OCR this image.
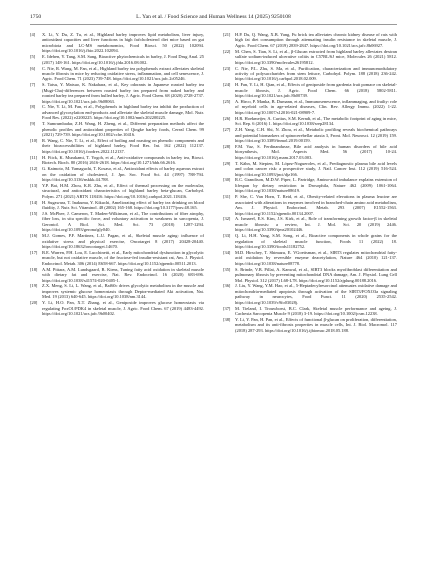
1750	L. Yan et al. / Food Science and Human Wellness 14 (2025) 9250108
[4]	X. Li, Y. Du, Z. Tu, et al., Highland barley improves lipid metabolism, liver injury, antioxidant capacities and liver functions in high fat/cholesterol diet mice based on gut microbiota and LC-MS metabonomics, Food Biosci. 50 (2022) 102094. https://doi.org/10.1016/j.fbio.2022.102094.
[5]	E. Idehen, Y. Tang, S.M. Sang, Bioactive phytochemicals in barley, J. Food Drug Anal. 25 (2017) 148-161. https://doi.org/10.1016/j.jfda.2016.08.002.
[6]	C. Nie, R. Wang, M. Fan, et al., Highland barley tea polyphenols extract alleviates skeletal muscle fibrosis in mice by reducing oxidative stress, inflammation, and cell senescence, J. Agric. Food Chem. 71 (2023) 739-748. https://doi.org/10.1021/acs.jafc.2c05246.
[7]	S. Tatsu, Y. Matsuo, K. Nakahara, et al., Key odorants in Japanese roasted barley tea (Mugi-Cha)-differences between roasted barley tea prepared from naked barley and roasted barley tea prepared from hulled barley, J. Agric. Food Chem. 68 (2020) 2728-2737. https://doi.org/10.1021/acs.jafc.9b08063.
[8]	C. Nie, Y. Li, M. Fan, et al., Polyphenols in highland barley tea inhibit the production of advanced glycosylation end-products and alleviate the skeletal muscle damage, Mol. Nutr. Food Res. (2022) e2200225. https://doi.org/10.1002/mnfr.202200225.
[9]	T. Sumrumbadar, Z.H. Wang, H. Zheng, et al., Different preparation methods affect the phenolic profiles and antioxidant properties of Qingke barley foods, Cereal Chem. 99 (2021) 729-739. https://doi.org/10.1002/cche.10416.
[10]	R. Wang, C. Nie, T. Li, et al., Effect of boiling and roasting on phenolic components and their bioaccessibilities of highland barley, Food Res. Int. 162 (2022) 112137. https://doi.org/10.1016/j.foodres.2022.112137.
[11]	H. Fiick, K. Murakami, T. Yogoh, et al., Anti-oxidative compounds in barley tea, Biosci. Biotech. Bioch. 80 (2016) 2616-2618. https://doi.org/10.1271/bbb.66.2616.
[12]	G. Kaimoto, M. Yamaguchi, T. Kosaso, et al., Antioxidant effects of barley aqueous extract on the oxidation of cholesterol, J. Jpn. Soc. Food Sci. 44 (1997) 788-794. https://doi.org/10.3136/nskkk.44.788.
[13]	Y.P. Bai, H.M. Zhou, K.R. Zhu, et al., Effect of thermal processing on the molecular, structural, and antioxidant characteristics of highland barley beta-glucan, Carbohyd. Polym. 271 (2021) ARTN 118416. https://doi.org/10.1016/j.carbpol.2021.118416.
[14]	H. Sugawara, T. Inakuma, Y. Kikuchi, Ameliorating effect of barley tea drinking on blood fluidity, J. Nutr. Sci. Vitaminol. 48 (2002) 165-168. https://doi.org/10.3177/jnsv.48.165.
[15]	J.S. McPhee, J. Cameron, T. Maden-Wilkinson, et al., The contributions of fiber atrophy, fiber loss, in situ specific force, and voluntary activation to weakness in sarcopenia, J. Gerontol. A Biol. Sci. Med. Sci. 73 (2018) 1287-1294. https://doi.org/10.1093/gerona/gly040.
[16]	M.J. Gomes, P.F. Martinez, L.U. Pagan, et al., Skeletal muscle aging: influence of oxidative stress and physical exercise, Oncotarget 8 (2017) 20428-20440. https://doi.org/10.18632/oncotarget.14670.
[17]	B.E. Warren, P.H. Lou, E. Lucchinetti, et al., Early mitochondrial dysfunction in glycolytic muscle, but not oxidative muscle, of the fructose-fed insulin-resistant rat, Am. J. Physiol. Endocrinol. Metab. 306 (2014) E658-667. https://doi.org/10.1152/ajpendo.00511.2013.
[18]	A.M. Pittara, A.M. Lundsgaard, B. Kiens, Tuning fatty acid oxidation in skeletal muscle with dietary fat and exercise, Nat. Rev. Endocrinol. 16 (2020) 683-696. https://doi.org/10.1038/s41574-020-0405-1.
[19]	Z.X. Meng, S. Li, L. Wang, et al., Baf60c drives glycolytic metabolism in the muscle and improves systemic glucose homeostasis through Deptor-mediated Akt activation, Nat. Med. 19 (2013) 640-645. https://doi.org/10.1038/nm.3144.
[20]	Y. Li, H.O. Pan, X.T. Zhang, et al., Geniposide improves glucose homeostasis via regulating FoxO1/PDK4 in skeletal muscle, J. Agric. Food Chem. 67 (2019) 4483-4492. https://doi.org/10.1021/acs.jafc.9b00402.
[21]	H.P. Du, Q. Wang, X.B. Yang, Fu brick tea alleviates chronic kidney disease of rats with high fat diet consumption through attenuating insulin resistance in skeletal muscle, J. Agric. Food Chem. 67 (2019) 2839-2847. https://doi.org/10.1021/acs.jafc.8b06927.
[22]	M. Chen, S. Tian, S. Li, et al., β-Glucan extracted from highland barley alleviates dextran sulfate sodium-induced ulcerative colitis in C57BL/6J mice, Molecules 26 (2021) 5812. https://doi.org/10.3390/molecules26195812.
[23]	C. Nie, P.L. Zhu, S. Ma, et al., Purification, characterization and immunomodulatory activity of polysaccharides from stem lettuce, Carbohyd. Polym. 188 (2018) 236-242. https://doi.org/10.1016/j.carbpol.2018.02.009.
[24]	H. Fan, Y. Li, H. Qian, et al., Effects of geniposide from gardenia fruit pomace on skeletal-muscle fibrosis, J. Agric. Food Chem. 66 (2018) 5802-5811. https://doi.org/10.1021/acs.jafc.8b00739.
[25]	A. Hirco, P. Manka, B. Dumann, et al., Immunosenescence, inflammaging, and frailty: role of myeloid cells in age-related diseases, Clin. Rev. Allergy Immu. (2022) 1-22. https://doi.org/10.1007/s12016-021-08909-7.
[26]	H.R. Hoekmeijer, A. Curtius, S.M. Kerndt, et al., The metabolic footprint of aging in mice, Sci. Rep. 6 (2016) 1. https://doi.org/10.1038/srep28134.
[27]	Z.H. Yang, C.H. Shi, N. Zhou, et al., Metabolic profiling reveals biochemical pathways and potential biomarkers of spinocerebellar ataxia 3, Front. Mol. Neurosci. 12 (2019) 159. https://doi.org/10.3389/fnmol.2019.00159.
[28]	F.M. Vaz, S. Ferdinandusse, Bile acid analysis in human disorders of bile acid biosynthesis, Mol. Aspects Med. 56 (2017) 10-24. https://doi.org/10.1016/j.mam.2017.03.003.
[29]	T. Kähn, M. Stepien, M. López-Nogueroles, et al., Prediagnostic plasma bile acid levels and colon cancer risk: a prospective study, J. Natl. Cancer Inst. 112 (2019) 516-524. https://doi.org/10.1093/jnci/djz166.
[30]	R.C. Grandison, M.D.W. Piper, L. Partridge, Amino-acid imbalance explains extension of lifespan by dietary restriction in Drosophila, Nature 462 (2009) 1061-1064. https://doi.org/10.1038/nature08619.
[31]	P. She, C. Van Horn, T. Reid, et al., Obesity-related elevations in plasma leucine are associated with alterations in enzymes involved in branched-chain amino acid metabolism, Am. J. Physiol. Endocrinol. Metab. 293 (2007) E1552-1563. https://doi.org/10.1152/ajpendo.00134.2007.
[32]	A. Ismaeel, E.S. Kim, J.S. Kirk, et al., Role of transforming growth factor-β in skeletal muscle fibrosis: a review, Int. J. Mol. Sci. 20 (2019) 2446. https://doi.org/10.3390/ijms20102446.
[33]	Q. Li, H.H. Yang, S.M. Song, et al., Bioactive components in whole grains for the regulation of skeletal muscle function, Foods 11 (2022) 18. https://doi.org/10.3390/foods11182752.
[34]	M.D. Hirschey, T. Shimazu, E. VGoettsman, et al., SIRT3 regulates mitochondrial fatty-acid oxidation by reversible enzyme deacetylation, Nature 464 (2010) 121-137. https://doi.org/10.1038/nature08778.
[35]	S. Brinde, V.B. Pillai, A. Kanwal, et al., SIRT3 blocks myofibroblast differentiation and pulmonary fibrosis by preventing mitochondrial DNA damage, Am. J. Physiol. Lung Cell Mol. Physiol. 312 (2017) L68-L78. https://doi.org/10.1152/ajplung.00188.2016.
[36]	J. Liu, Y. Wang, Y.M. Hao, et al., 5-Heptadecylresorcinol attenuates oxidative damage and mitochondria-mediated apoptosis through activation of the SIRT3/FOXO3a signaling pathway in neurocytes, Food Funct. 11 (2020) 2535-2542. https://doi.org/10.1039/c9fo03028j.
[37]	M. Tieland, I. Trouwborst, B.C. Clark, Skeletal muscle performance and ageing, J. Cachexia Sarcopenia Muscle 9 (2018) 3-19. https://doi.org/10.1002/jcsm.12238.
[38]	Y. Li, Y. Pan, H. Pan, et al., Effects of functional β-glucan on proliferation, differentiation, metabolism and its anti-fibrosis properties in muscle cells, Int. J. Biol. Macromol. 117 (2018) 287-293. https://doi.org/10.1016/j.ijbiomac.2018.05.188.
